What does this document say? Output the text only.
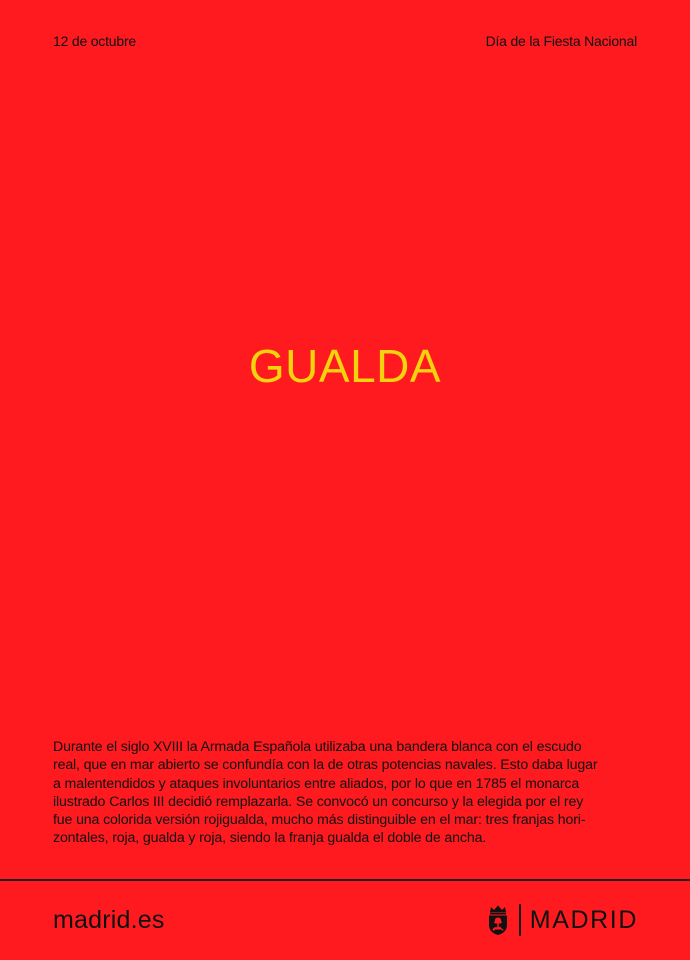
12 de octubre	Día de la Fiesta Nacional
GUALDA

Durante el siglo XVIII la Armada Española utilizaba una bandera blanca con el escudo

real, que en mar abierto se confundía con la de otras potencias navales. Esto daba lugar

a malentendidos y ataques involuntarios entre aliados, por lo que en 1785 el monarca

ilustrado Carlos III decidió remplazarla. Se convocó un concurso y la elegida por el rey

fue una colorida versión rojigualda, mucho más distinguible en el mar: tres franjas hori-

zontales, roja, gualda y roja, siendo la franja gualda el doble de ancha.

madrid.es	MADRID
